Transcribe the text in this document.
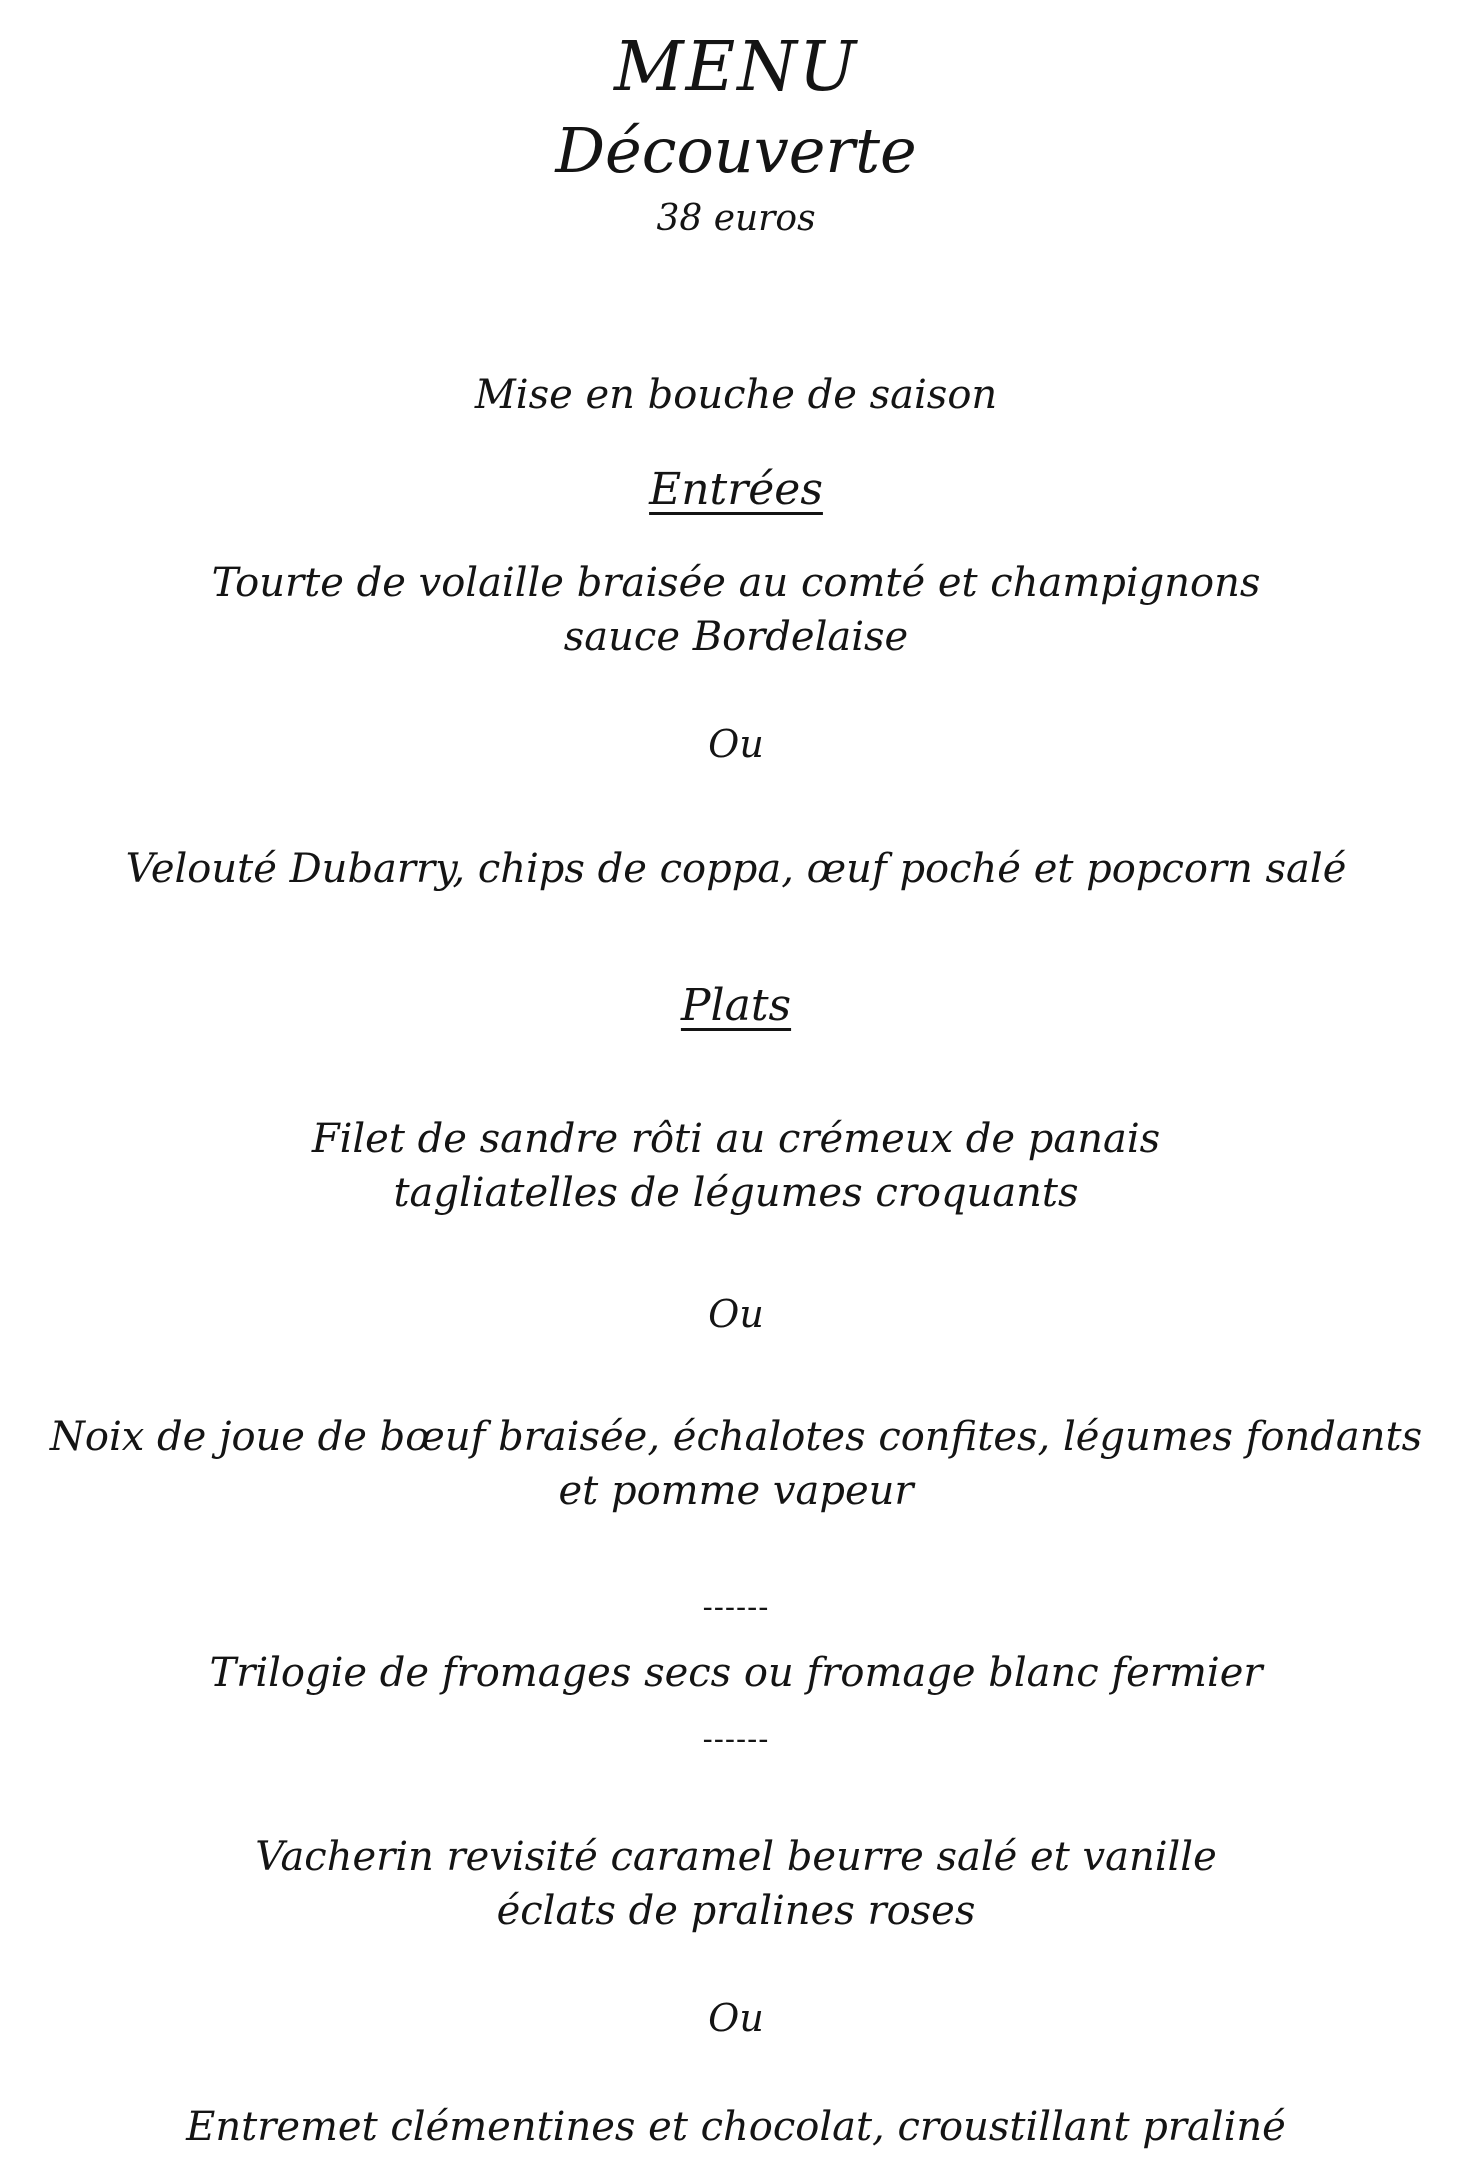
MENU
Découverte
38 euros
Mise en bouche de saison
Entrées
Tourte de volaille braisée au comté et champignons
sauce Bordelaise
Ou
Velouté Dubarry, chips de coppa, œuf poché et popcorn salé
Plats
Filet de sandre rôti au crémeux de panais
tagliatelles de légumes croquants
Ou
Noix de joue de bœuf braisée, échalotes confites, légumes fondants
et pomme vapeur
------
Trilogie de fromages secs ou fromage blanc fermier
------
Vacherin revisité caramel beurre salé et vanille
éclats de pralines roses
Ou
Entremet clémentines et chocolat, croustillant praliné
